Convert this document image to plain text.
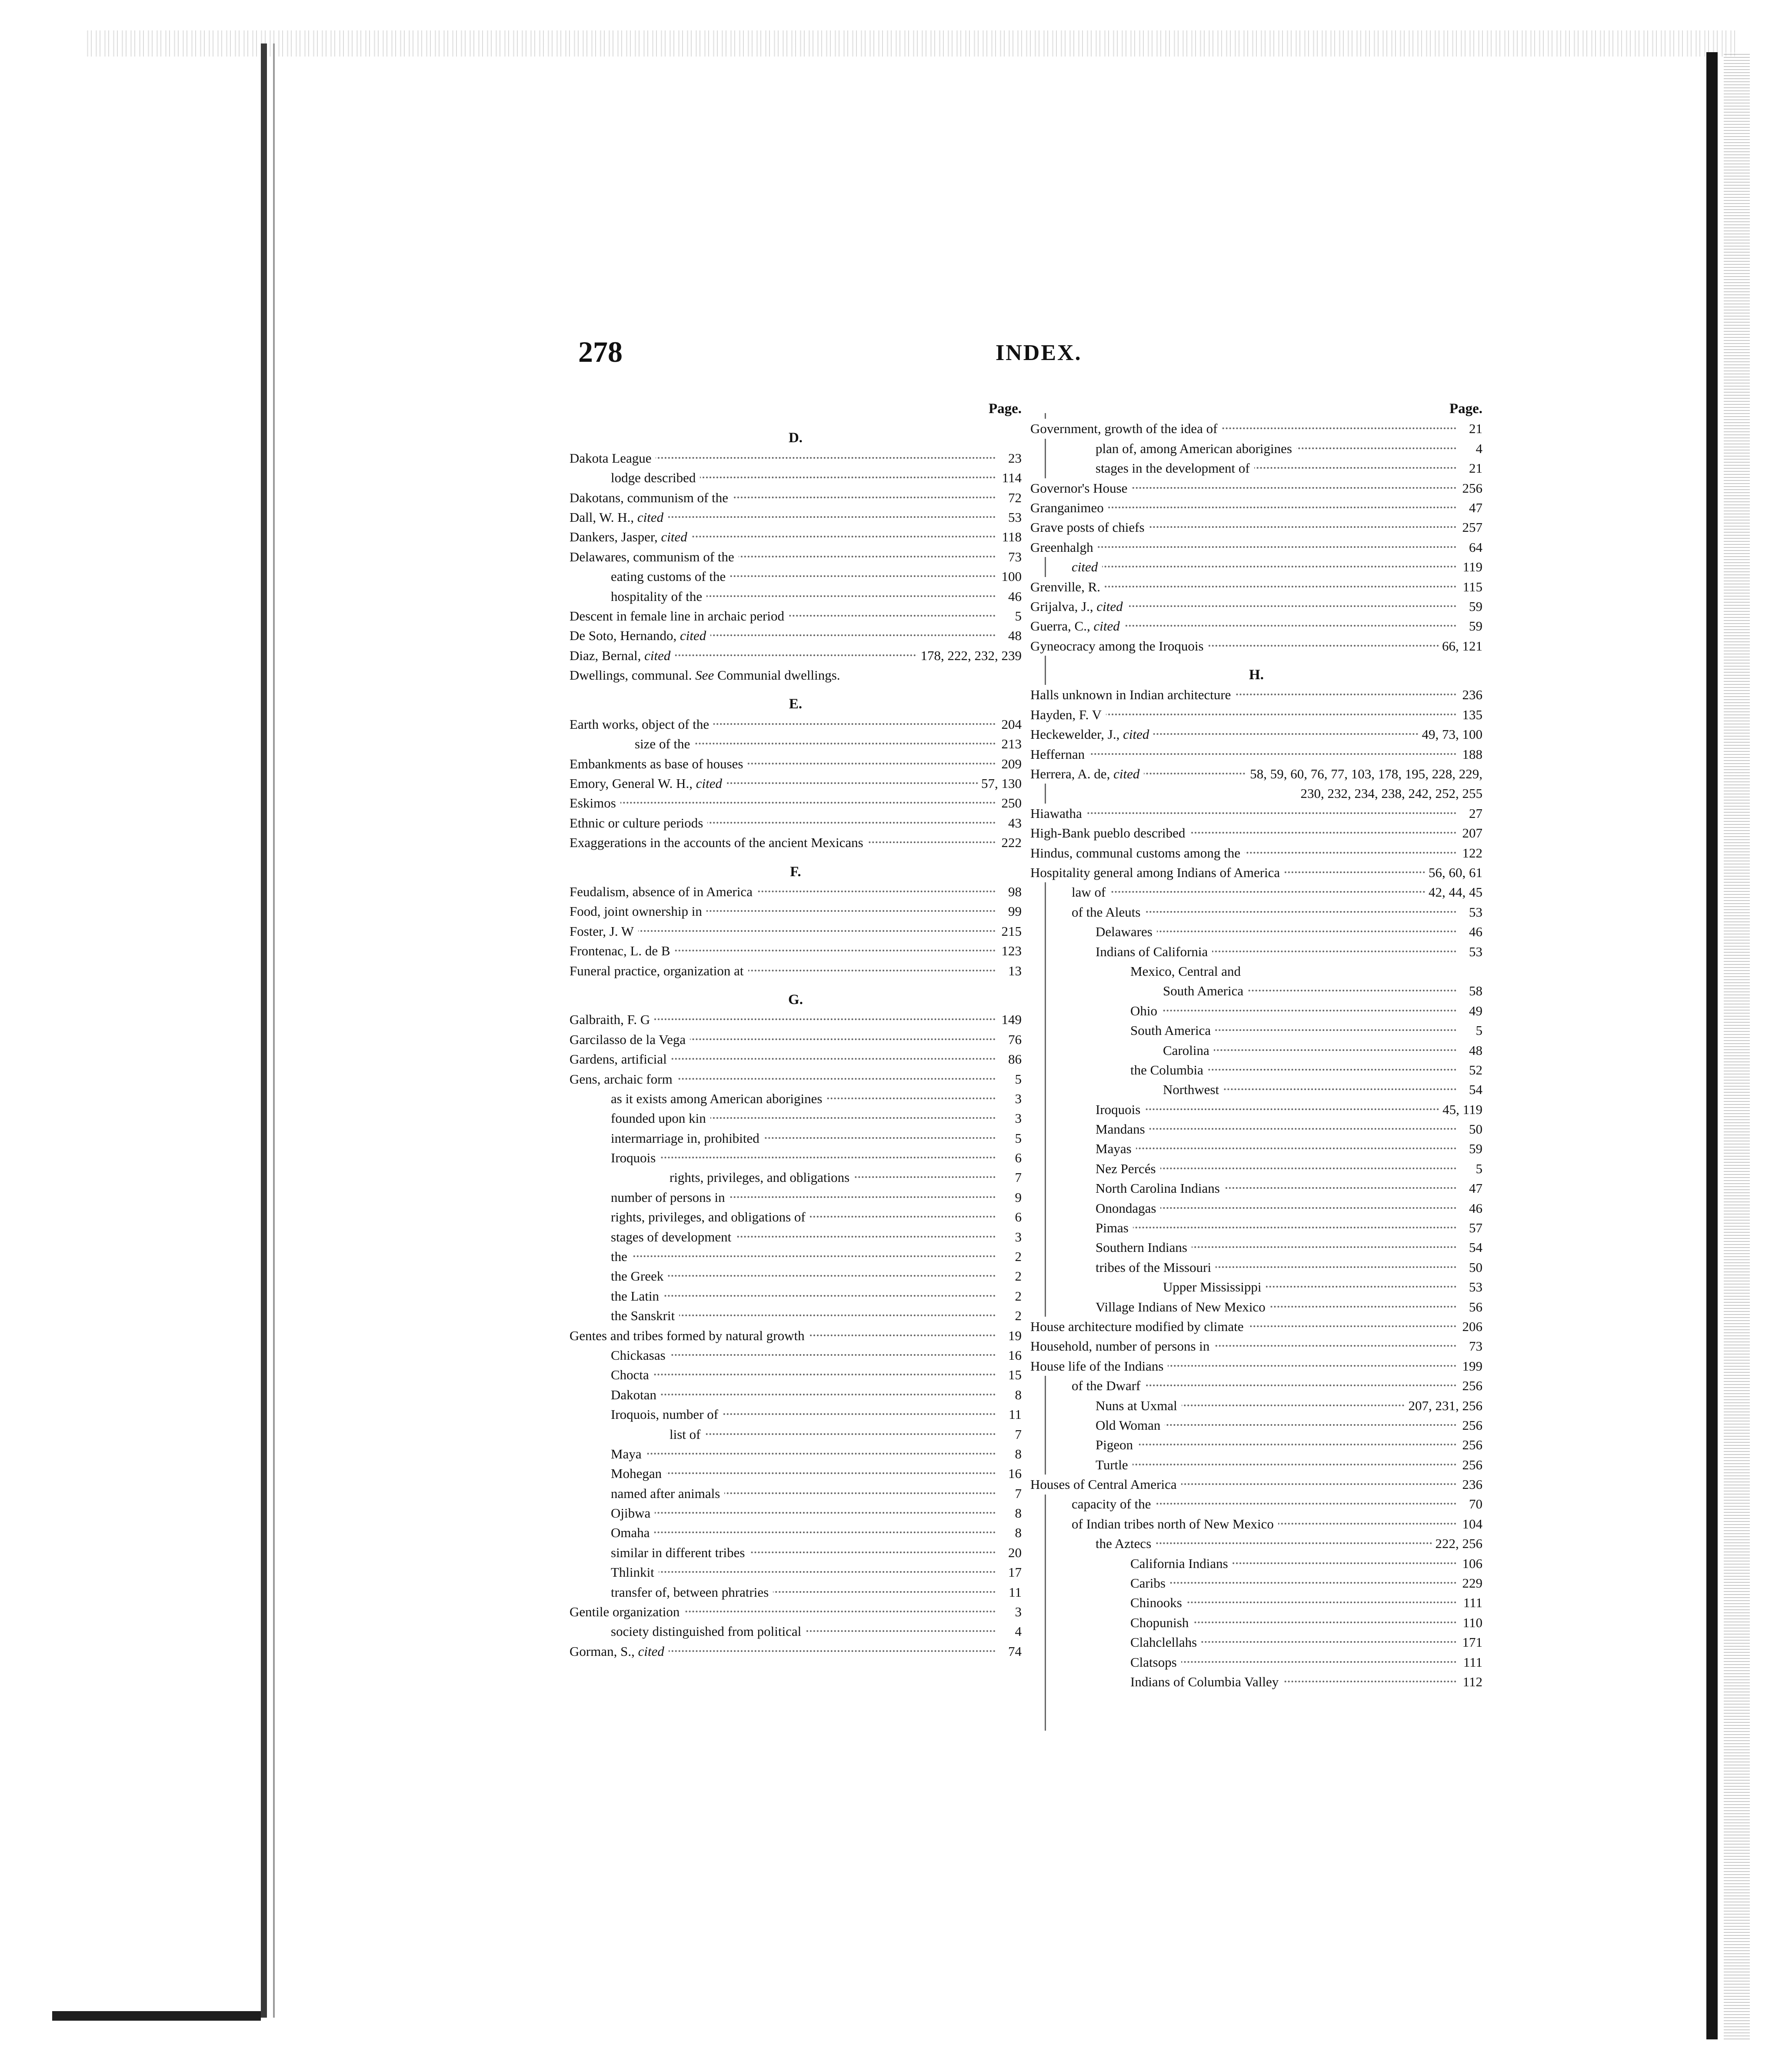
278	INDEX.
Page.
D.
Dakota League	23
lodge described	114
Dakotans, communism of the	72
Dall, W. H., cited	53
Dankers, Jasper, cited	118
Delawares, communism of the	73
eating customs of the	100
hospitality of the	46
Descent in female line in archaic period	5
De Soto, Hernando, cited	48
Diaz, Bernal, cited	178, 222, 232, 239
Dwellings, communal. See Communial dwellings.
E.
Earth works, object of the	204
size of the	213
Embankments as base of houses	209
Emory, General W. H., cited	57, 130
Eskimos	250
Ethnic or culture periods	43
Exaggerations in the accounts of the ancient Mexicans	222
F.
Feudalism, absence of in America	98
Food, joint ownership in	99
Foster, J. W	215
Frontenac, L. de B	123
Funeral practice, organization at	13
G.
Galbraith, F. G	149
Garcilasso de la Vega	76
Gardens, artificial	86
Gens, archaic form	5
as it exists among American aborigines	3
founded upon kin	3
intermarriage in, prohibited	5
Iroquois	6
rights, privileges, and obligations	7
number of persons in	9
rights, privileges, and obligations of	6
stages of development	3
the	2
the Greek	2
the Latin	2
the Sanskrit	2
Gentes and tribes formed by natural growth	19
Chickasas	16
Chocta	15
Dakotan	8
Iroquois, number of	11
list of	7
Maya	8
Mohegan	16
named after animals	7
Ojibwa	8
Omaha	8
similar in different tribes	20
Thlinkit	17
transfer of, between phratries	11
Gentile organization	3
society distinguished from political	4
Gorman, S., cited	74
Page.
Government, growth of the idea of	21
plan of, among American aborigines	4
stages in the development of	21
Governor's House	256
Granganimeo	47
Grave posts of chiefs	257
Greenhalgh	64
cited	119
Grenville, R.	115
Grijalva, J., cited	59
Guerra, C., cited	59
Gyneocracy among the Iroquois	66, 121
H.
Halls unknown in Indian architecture	236
Hayden, F. V	135
Heckewelder, J., cited	49, 73, 100
Heffernan	188
Herrera, A. de, cited	58, 59, 60, 76, 77, 103, 178, 195, 228, 229,
230, 232, 234, 238, 242, 252, 255
Hiawatha	27
High-Bank pueblo described	207
Hindus, communal customs among the	122
Hospitality general among Indians of America	56, 60, 61
law of	42, 44, 45
of the Aleuts	53
Delawares	46
Indians of California	53
Mexico, Central and
South America	58
Ohio	49
South America	5
Carolina	48
the Columbia	52
Northwest	54
Iroquois	45, 119
Mandans	50
Mayas	59
Nez Percés	5
North Carolina Indians	47
Onondagas	46
Pimas	57
Southern Indians	54
tribes of the Missouri	50
Upper Mississippi	53
Village Indians of New Mexico	56
House architecture modified by climate	206
Household, number of persons in	73
House life of the Indians	199
of the Dwarf	256
Nuns at Uxmal	207, 231, 256
Old Woman	256
Pigeon	256
Turtle	256
Houses of Central America	236
capacity of the	70
of Indian tribes north of New Mexico	104
the Aztecs	222, 256
California Indians	106
Caribs	229
Chinooks	111
Chopunish	110
Clahclellahs	171
Clatsops	111
Indians of Columbia Valley	112
